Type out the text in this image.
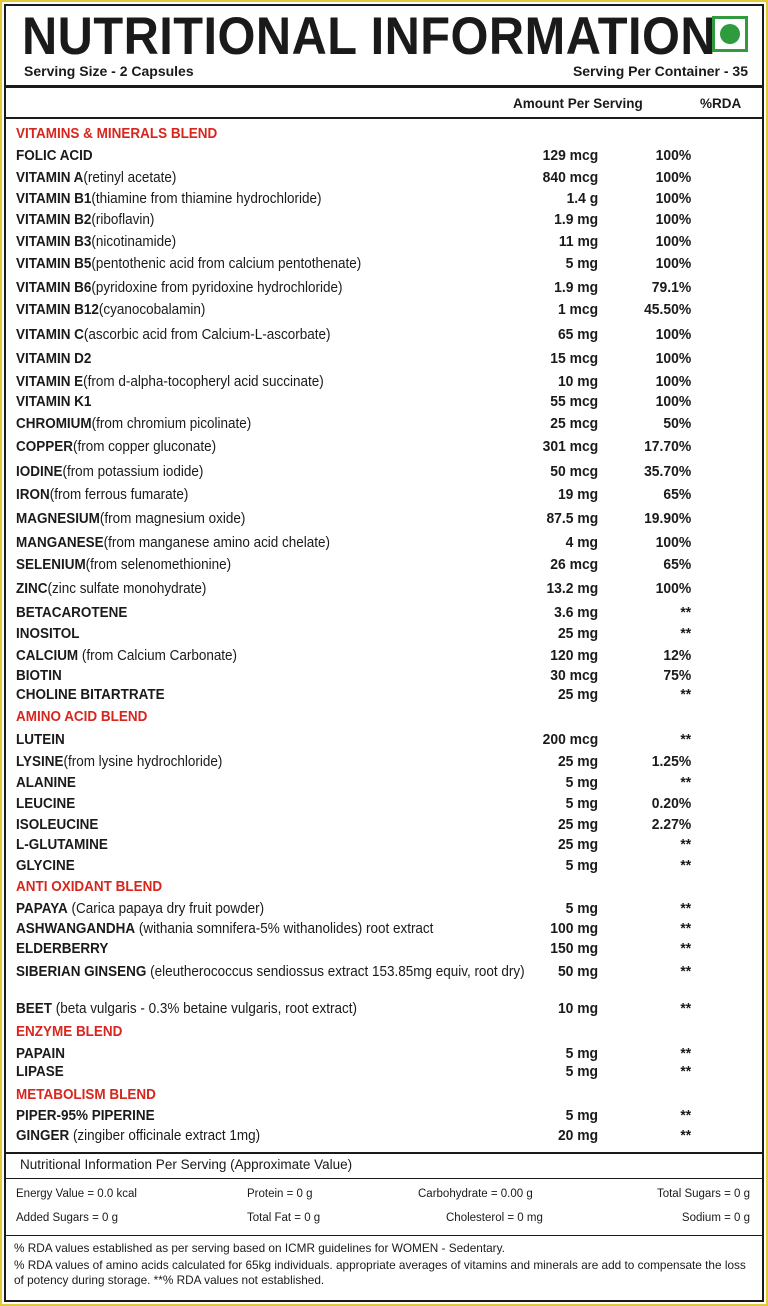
NUTRITIONAL INFORMATION
Serving Size - 2 Capsules	Serving Per Container - 35
Amount Per Serving	%RDA
VITAMINS & MINERALS BLEND
FOLIC ACID	129 mcg	100%
VITAMIN A(retinyl acetate)	840 mcg	100%
VITAMIN B1(thiamine from thiamine hydrochloride)	1.4 g	100%
VITAMIN B2(riboflavin)	1.9 mg	100%
VITAMIN B3(nicotinamide)	11 mg	100%
VITAMIN B5(pentothenic acid from calcium pentothenate)	5 mg	100%
VITAMIN B6(pyridoxine from pyridoxine hydrochloride)	1.9 mg	79.1%
VITAMIN B12(cyanocobalamin)	1 mcg	45.50%
VITAMIN C(ascorbic acid from Calcium-L-ascorbate)	65 mg	100%
VITAMIN D2	15 mcg	100%
VITAMIN E(from d-alpha-tocopheryl acid succinate)	10 mg	100%
VITAMIN K1	55 mcg	100%
CHROMIUM(from chromium picolinate)	25 mcg	50%
COPPER(from copper gluconate)	301 mcg	17.70%
IODINE(from potassium iodide)	50 mcg	35.70%
IRON(from ferrous fumarate)	19 mg	65%
MAGNESIUM(from magnesium oxide)	87.5 mg	19.90%
MANGANESE(from manganese amino acid chelate)	4 mg	100%
SELENIUM(from selenomethionine)	26 mcg	65%
ZINC(zinc sulfate monohydrate)	13.2 mg	100%
BETACAROTENE	3.6 mg	**
INOSITOL	25 mg	**
CALCIUM (from Calcium Carbonate)	120 mg	12%
BIOTIN	30 mcg	75%
CHOLINE BITARTRATE	25 mg	**
AMINO ACID BLEND
LUTEIN	200 mcg	**
LYSINE(from lysine hydrochloride)	25 mg	1.25%
ALANINE	5 mg	**
LEUCINE	5 mg	0.20%
ISOLEUCINE	25 mg	2.27%
L-GLUTAMINE	25 mg	**
GLYCINE	5 mg	**
ANTI OXIDANT BLEND
PAPAYA (Carica papaya dry fruit powder)	5 mg	**
ASHWANGANDHA (withania somnifera-5% withanolides) root extract	100 mg	**
ELDERBERRY	150 mg	**
SIBERIAN GINSENG (eleutherococcus sendiossus extract 153.85mg equiv, root dry)	50 mg	**
BEET (beta vulgaris - 0.3% betaine vulgaris, root extract)	10 mg	**
ENZYME BLEND
PAPAIN	5 mg	**
LIPASE	5 mg	**
METABOLISM BLEND
PIPER-95% PIPERINE	5 mg	**
GINGER (zingiber officinale extract 1mg)	20 mg	**
Nutritional Information Per Serving (Approximate Value)
Energy Value = 0.0 kcal	Protein = 0 g	Carbohydrate = 0.00 g	Total Sugars = 0 g
Added Sugars = 0 g	Total Fat = 0 g	Cholesterol = 0 mg	Sodium = 0 g
% RDA values established as per serving based on ICMR guidelines for WOMEN - Sedentary.
% RDA values of amino acids calculated for 65kg individuals. appropriate averages of vitamins and minerals are add to compensate the loss of potency during storage. **% RDA values not established.
